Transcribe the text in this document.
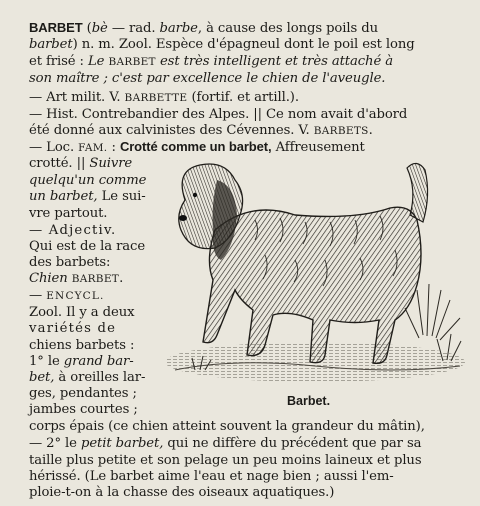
BARBET (bè — rad. barbe, à cause des longs poils du
barbet) n. m. Zool. Espèce d'épagneul dont le poil est long
et frisé : Le BARBET est très intelligent et très attaché à
son maître ; c'est par excellence le chien de l'aveugle.
— Art milit. V. BARBETTE (fortif. et artill.).
— Hist. Contrebandier des Alpes. || Ce nom avait d'abord
été donné aux calvinistes des Cévennes. V. BARBETS.
— Loc. FAM. : Crotté comme un barbet, Affreusement
crotté. || Suivre
quelqu'un comme
un barbet, Le sui-
vre partout.
— Adjectiv.
Qui est de la race
des barbets:
Chien BARBET.
— ENCYCL.
Zool. Il y a deux
variétés de
chiens barbets :
1° le grand bar-
bet, à oreilles lar-
ges, pendantes ;
jambes courtes ;
corps épais (ce chien atteint souvent la grandeur du mâtin),
— 2° le petit barbet, qui ne diffère du précédent que par sa
taille plus petite et son pelage un peu moins laineux et plus
hérissé. (Le barbet aime l'eau et nage bien ; aussi l'em-
ploie-t-on à la chasse des oiseaux aquatiques.)
Barbet.
